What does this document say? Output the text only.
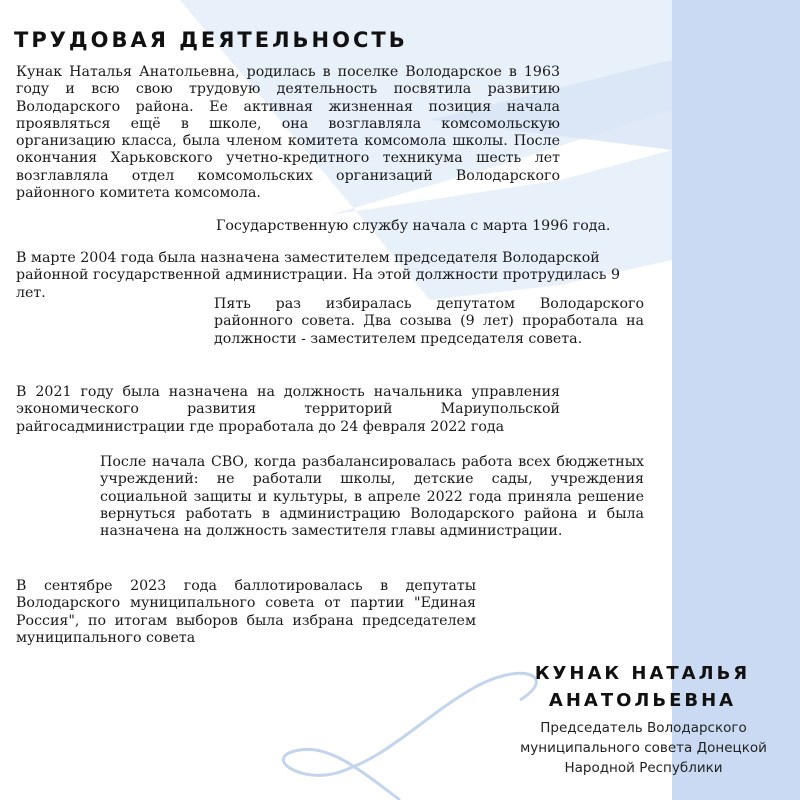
ТРУДОВАЯ ДЕЯТЕЛЬНОСТЬ

Кунак Наталья Анатольевна, родилась в поселке Володарское в 1963 году и всю свою трудовую деятельность посвятила развитию Володарского района. Ее активная жизненная позиция начала проявляться ещё в школе, она возглавляла комсомольскую организацию класса, была членом комитета комсомола школы. После окончания Харьковского учетно-кредитного техникума шесть лет возглавляла отдел комсомольских организаций Володарского районного комитета комсомола.

Государственную службу начала с марта 1996 года.

В марте 2004 года была назначена заместителем председателя Володарской районной государственной администрации. На этой должности протрудилась 9 лет.

Пять раз избиралась депутатом Володарского районного совета. Два созыва (9 лет) проработала на должности - заместителем председателя совета.

В 2021 году была назначена на должность начальника управления экономического развития территорий Мариупольской райгосадминистрации где проработала до 24 февраля 2022 года

После начала СВО, когда разбалансировалась работа всех бюджетных учреждений: не работали школы, детские сады, учреждения социальной защиты и культуры, в апреле 2022 года приняла решение вернуться работать в администрацию Володарского района и была назначена на должность заместителя главы администрации.

В сентябре 2023 года баллотировалась в депутаты Володарского муниципального совета от партии "Единая Россия", по итогам выборов была избрана председателем муниципального совета

КУНАК НАТАЛЬЯ АНАТОЛЬЕВНА

Председатель Володарского муниципального совета Донецкой Народной Республики
